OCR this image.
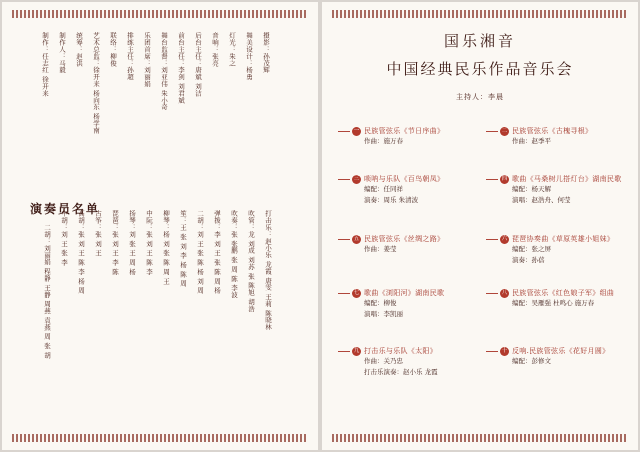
摄影：孙茂辉
舞美设计：杨勇
灯光：朱之
音响：张亮
后台主任：唐斌 刘洁
前台主任：李剑 刘君斌
舞台监督：刘亚伟 朱小奇
乐团首席：刘丽娟
排练主任：孙超
联络：柳俊
艺术总监：徐开来 杨向东 杨学南
统筹：赵洪
制作人：马毅
制作：任志红 徐开来
演奏员名单
打击乐：赵小乐 龙霞 唐雯 王莉 陈晓林
吹管：龙 刘成 刘苏 张 陈旭 胡浩
吹奏：张 张鹏 张 周 陈 李波
弹拨：李 刘 王 张 陈 周 杨
二胡：刘 王 张 陈 杨 刘 周
笙：王 张 刘 李 杨 陈 周
柳琴：杨 刘 张 陈 周 王
中阮：张 刘 王 陈 李
扬琴：刘 张 王 周 杨
琵琶：张 刘 王 李 陈
古筝：张 刘 王
高胡：张 刘 王 陈 李 杨 周
中胡：刘 王 张 李
二胡：刘丽娟 程静 王静 周燕 袁燕 周 张 胡
国乐湘音
中国经典民乐作品音乐会
主持人：李晨
一 民族管弦乐《节日序曲》
作曲：施万春
二 民族管弦乐《古槐寻根》
作曲：赵季平
三 唢呐与乐队《百鸟朝凤》
编配：任同祥
演奏：周乐 朱清波
四 歌曲《马桑树儿搭灯台》湖南民歌
编配：杨天解
演唱：赵浩舟、何莹
五 民族管弦乐《丝绸之路》
作曲：姜莹
六 琵琶协奏曲《草原英雄小姐妹》
编配：张之屏
演奏：孙蓓
七 歌曲《浏阳河》湖南民歌
编配：柳俊
演唱：李凯丽
八 民族管弦乐《红色娘子军》组曲
编配：吴雁强 杜鸣心 施万春
九 打击乐与乐队《太阳》
作曲：关乃忠
打击乐演奏：赵小乐 龙霞
十 反响.民族管弦乐《花好月圆》
编配：彭修文
